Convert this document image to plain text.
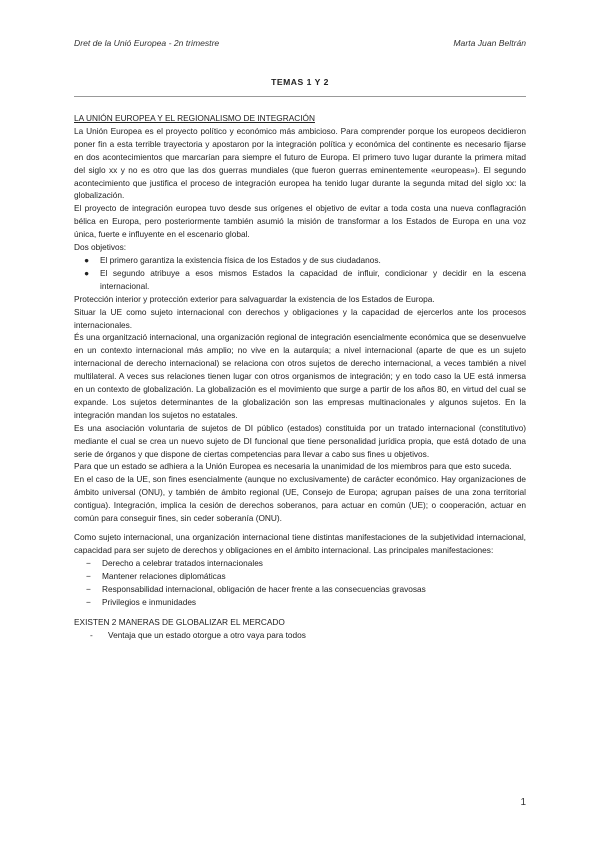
Dret de la Unió Europea - 2n trimestre	Marta Juan Beltrán
TEMAS 1 Y 2

LA UNIÓN EUROPEA Y EL REGIONALISMO DE INTEGRACIÓN

La Unión Europea es el proyecto político y económico más ambicioso. Para comprender porque los europeos decidieron poner fin a esta terrible trayectoria y apostaron por la integración política y económica del continente es necesario fijarse en dos acontecimientos que marcarían para siempre el futuro de Europa. El primero tuvo lugar durante la primera mitad del siglo xx y no es otro que las dos guerras mundiales (que fueron guerras eminentemente «europeas»). El segundo acontecimiento que justifica el proceso de integración europea ha tenido lugar durante la segunda mitad del siglo xx: la globalización.

El proyecto de integración europea tuvo desde sus orígenes el objetivo de evitar a toda costa una nueva conflagración bélica en Europa, pero posteriormente también asumió la misión de transformar a los Estados de Europa en una voz única, fuerte e influyente en el escenario global.

Dos objetivos:

● El primero garantiza la existencia física de los Estados y de sus ciudadanos.
● El segundo atribuye a esos mismos Estados la capacidad de influir, condicionar y decidir en la escena internacional.

Protección interior y protección exterior para salvaguardar la existencia de los Estados de Europa.

Situar la UE como sujeto internacional con derechos y obligaciones y la capacidad de ejercerlos ante los procesos internacionales.

És una organització internacional, una organización regional de integración esencialmente económica que se desenvuelve en un contexto internacional más amplio; no vive en la autarquía; a nivel internacional (aparte de que es un sujeto internacional de derecho internacional) se relaciona con otros sujetos de derecho internacional, a veces también a nivel multilateral. A veces sus relaciones tienen lugar con otros organismos de integración; y en todo caso la UE está inmersa en un contexto de globalización. La globalización es el movimiento que surge a partir de los años 80, en virtud del cual se expande. Los sujetos determinantes de la globalización son las empresas multinacionales y algunos sujetos. En la integración mandan los sujetos no estatales.

Es una asociación voluntaria de sujetos de DI público (estados) constituida por un tratado internacional (constitutivo) mediante el cual se crea un nuevo sujeto de DI funcional que tiene personalidad jurídica propia, que está dotado de una serie de órganos y que dispone de ciertas competencias para llevar a cabo sus fines u objetivos.

Para que un estado se adhiera a la Unión Europea es necesaria la unanimidad de los miembros para que esto suceda.

En el caso de la UE, son fines esencialmente (aunque no exclusivamente) de carácter económico. Hay organizaciones de ámbito universal (ONU), y también de ámbito regional (UE, Consejo de Europa; agrupan países de una zona territorial contigua). Integración, implica la cesión de derechos soberanos, para actuar en común (UE); o cooperación, actuar en común para conseguir fines, sin ceder soberanía (ONU).

Como sujeto internacional, una organización internacional tiene distintas manifestaciones de la subjetividad internacional, capacidad para ser sujeto de derechos y obligaciones en el ámbito internacional. Las principales manifestaciones:

− Derecho a celebrar tratados internacionales
− Mantener relaciones diplomáticas
− Responsabilidad internacional, obligación de hacer frente a las consecuencias gravosas
− Privilegios e inmunidades

EXISTEN 2 MANERAS DE GLOBALIZAR EL MERCADO

- Ventaja que un estado otorgue a otro vaya para todos
1
